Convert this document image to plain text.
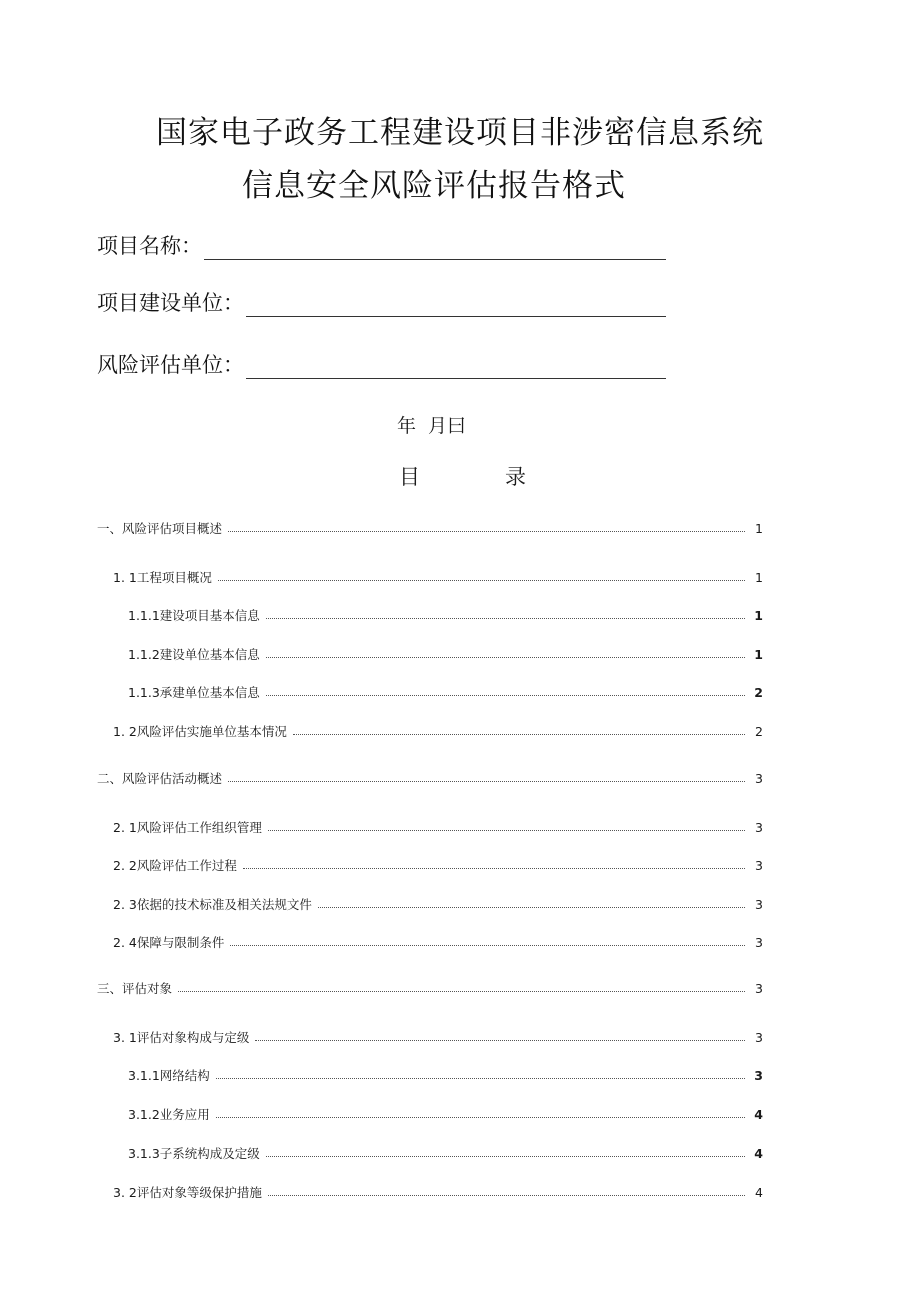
国家电子政务工程建设项目非涉密信息系统
信息安全风险评估报告格式
项目名称：
项目建设单位：
风险评估单位：
年 月曰
目	录
一、风险评估项目概述	1
1. 1工程项目概况	1
1.1.1建设项目基本信息	1
1.1.2建设单位基本信息	1
1.1.3承建单位基本信息	2
1. 2风险评估实施单位基本情况	2
二、风险评估活动概述	3
2. 1风险评估工作组织管理	3
2. 2风险评估工作过程	3
2. 3依据的技术标准及相关法规文件	3
2. 4保障与限制条件	3
三、评估对象	3
3. 1评估对象构成与定级	3
3.1.1网络结构	3
3.1.2业务应用	4
3.1.3子系统构成及定级	4
3. 2评估对象等级保护措施	4
